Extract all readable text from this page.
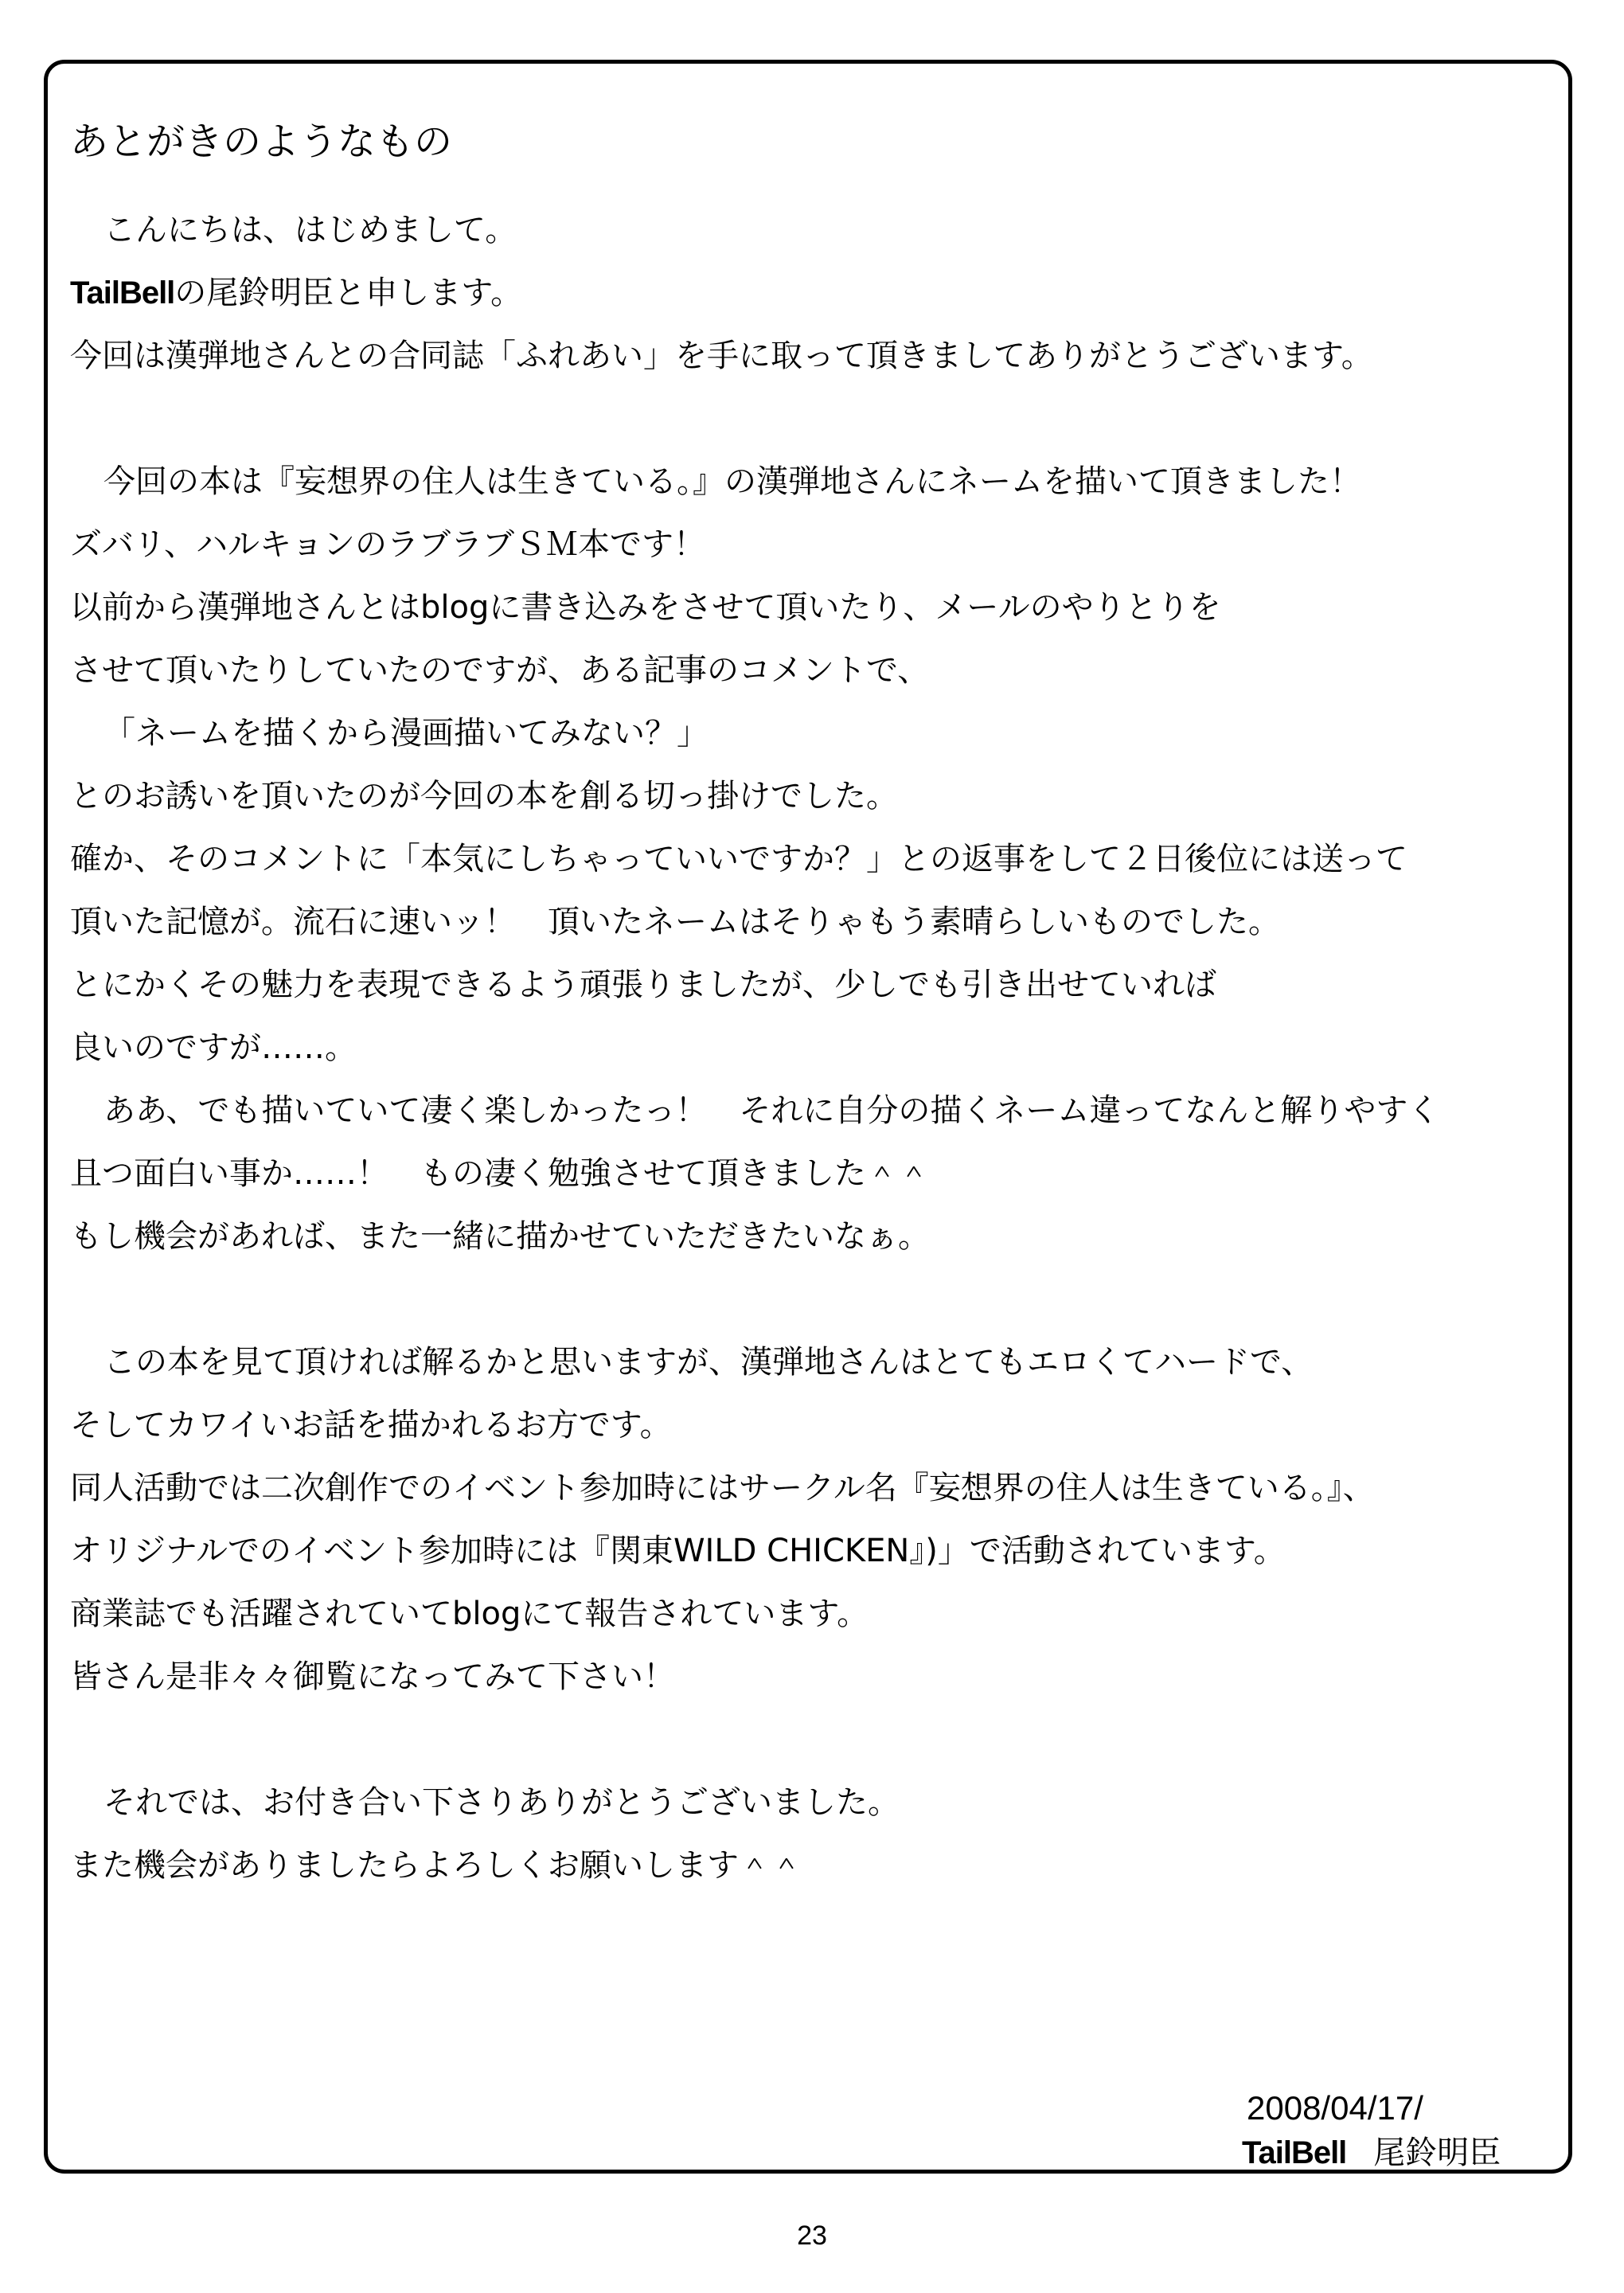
あとがきのようなもの
こんにちは、はじめまして。
TailBellの尾鈴明臣と申します。
今回は漢弾地さんとの合同誌「ふれあい」を手に取って頂きましてありがとうございます。
今回の本は『妄想界の住人は生きている。』の漢弾地さんにネームを描いて頂きました！
ズバリ、ハルキョンのラブラブＳＭ本です！
以前から漢弾地さんとはblogに書き込みをさせて頂いたり、メールのやりとりを
させて頂いたりしていたのですが、ある記事のコメントで、
「ネームを描くから漫画描いてみない？」
とのお誘いを頂いたのが今回の本を創る切っ掛けでした。
確か、そのコメントに「本気にしちゃっていいですか？」との返事をして２日後位には送って
頂いた記憶が。流石に速いッ！　頂いたネームはそりゃもう素晴らしいものでした。
とにかくその魅力を表現できるよう頑張りましたが、少しでも引き出せていれば
良いのですが……。
ああ、でも描いていて凄く楽しかったっ！　それに自分の描くネーム違ってなんと解りやすく
且つ面白い事か……！　もの凄く勉強させて頂きました＾＾
もし機会があれば、また一緒に描かせていただきたいなぁ。
この本を見て頂ければ解るかと思いますが、漢弾地さんはとてもエロくてハードで、
そしてカワイいお話を描かれるお方です。
同人活動では二次創作でのイベント参加時にはサークル名『妄想界の住人は生きている。』、
オリジナルでのイベント参加時には『関東WILD CHICKEN』)」で活動されています。
商業誌でも活躍されていてblogにて報告されています。
皆さん是非々々御覧になってみて下さい！
それでは、お付き合い下さりありがとうございました。
また機会がありましたらよろしくお願いします＾＾
2008/04/17/
TailBell 尾鈴明臣
23
